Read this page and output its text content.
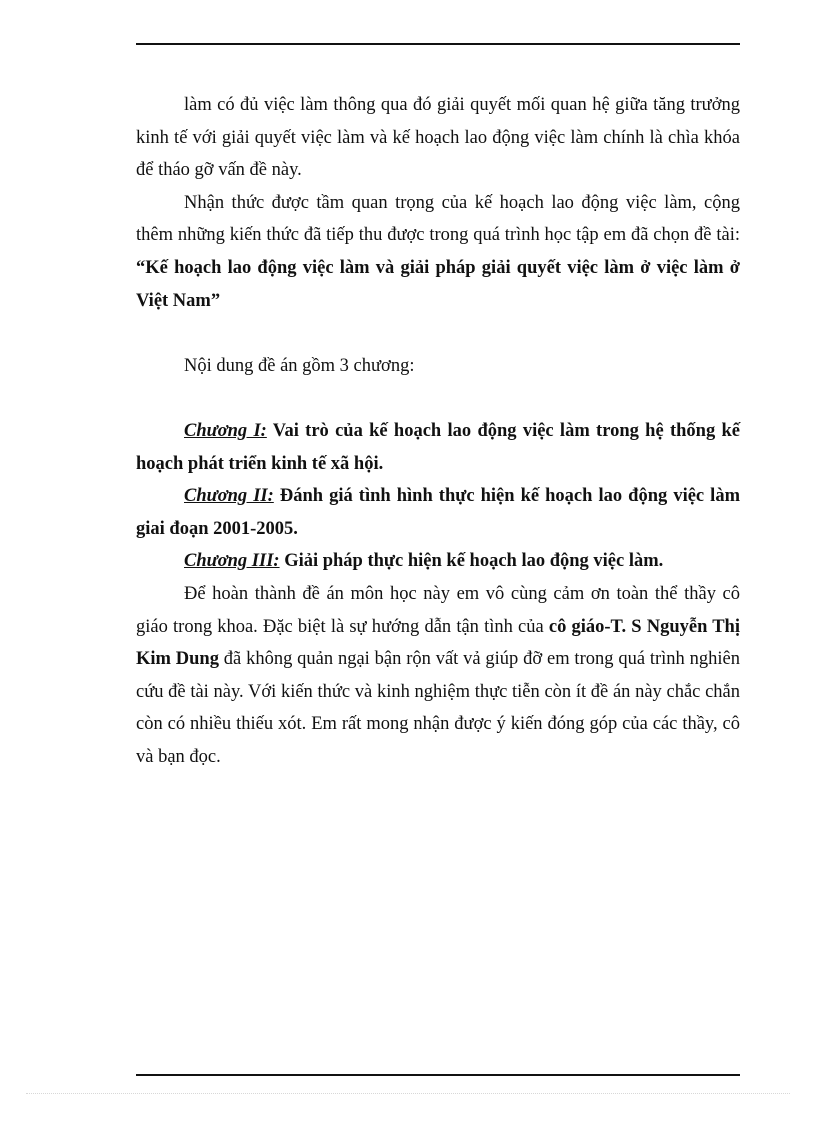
làm có đủ việc làm thông qua đó giải quyết mối quan hệ giữa tăng trưởng kinh tế với giải quyết việc làm và kế hoạch lao động việc làm chính là chìa khóa để tháo gỡ vấn đề này.

Nhận thức được tầm quan trọng của kế hoạch lao động việc làm, cộng thêm những kiến thức đã tiếp thu được trong quá trình học tập em đã chọn đề tài: “Kế hoạch lao động việc làm và giải pháp giải quyết việc làm ở việc làm ở Việt Nam”

Nội dung đề án gồm 3 chương:

Chương I: Vai trò của kế hoạch lao động việc làm trong hệ thống kế hoạch phát triển kinh tế xã hội.

Chương II: Đánh giá tình hình thực hiện kế hoạch lao động việc làm giai đoạn 2001-2005.

Chương III: Giải pháp thực hiện kế hoạch lao động việc làm.

Để hoàn thành đề án môn học này em vô cùng cảm ơn toàn thể thầy cô giáo trong khoa. Đặc biệt là sự hướng dẫn tận tình của cô giáo-T. S Nguyễn Thị Kim Dung đã không quản ngại bận rộn vất vả giúp đỡ em trong quá trình nghiên cứu đề tài này. Với kiến thức và kinh nghiệm thực tiễn còn ít đề án này chắc chắn còn có nhiều thiếu xót. Em rất mong nhận được ý kiến đóng góp của các thầy, cô và bạn đọc.
